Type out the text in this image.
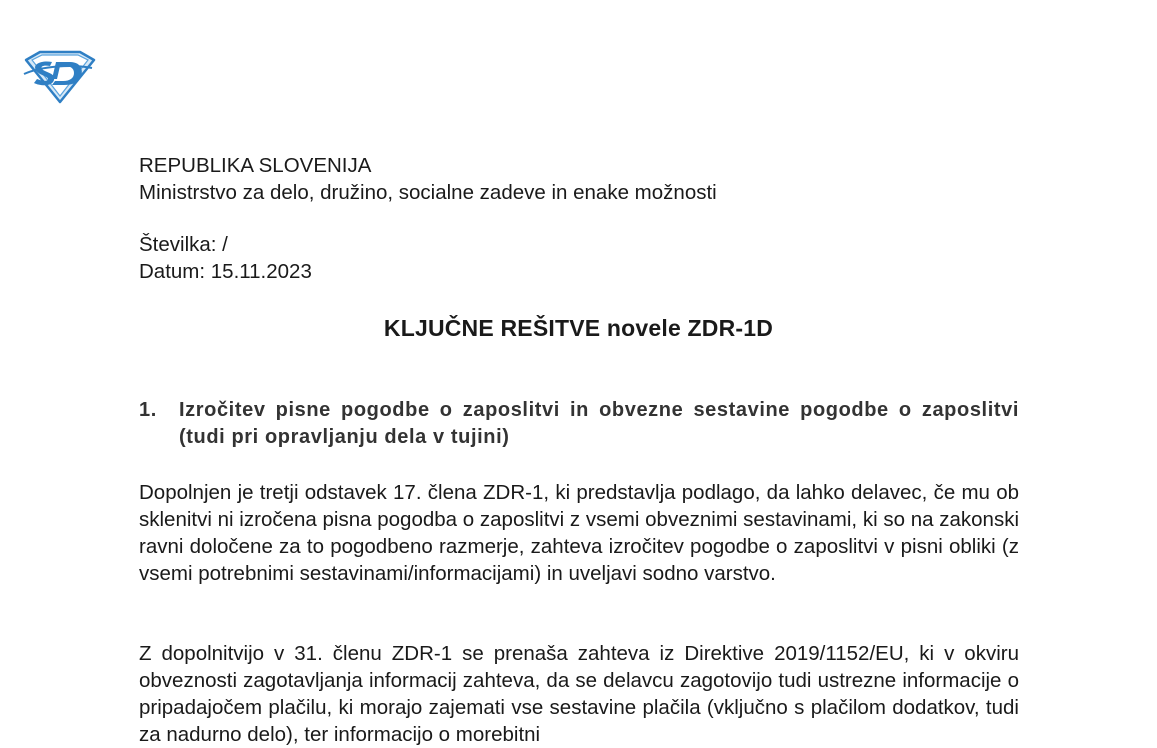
REPUBLIKA SLOVENIJA
Ministrstvo za delo, družino, socialne zadeve in enake možnosti
Številka: /
Datum: 15.11.2023
KLJUČNE REŠITVE novele ZDR-1D
1. Izročitev pisne pogodbe o zaposlitvi in obvezne sestavine pogodbe o zaposlitvi (tudi pri opravljanju dela v tujini)
Dopolnjen je tretji odstavek 17. člena ZDR-1, ki predstavlja podlago, da lahko delavec, če mu ob sklenitvi ni izročena pisna pogodba o zaposlitvi z vsemi obveznimi sestavinami, ki so na zakonski ravni določene za to pogodbeno razmerje, zahteva izročitev pogodbe o zaposlitvi v pisni obliki (z vsemi potrebnimi sestavinami/informacijami) in uveljavi sodno varstvo.
Z dopolnitvijo v 31. členu ZDR-1 se prenaša zahteva iz Direktive 2019/1152/EU, ki v okviru obveznosti zagotavljanja informacij zahteva, da se delavcu zagotovijo tudi ustrezne informacije o pripadajočem plačilu, ki morajo zajemati vse sestavine plačila (vključno s plačilom dodatkov, tudi za nadurno delo), ter informacijo o morebitni
